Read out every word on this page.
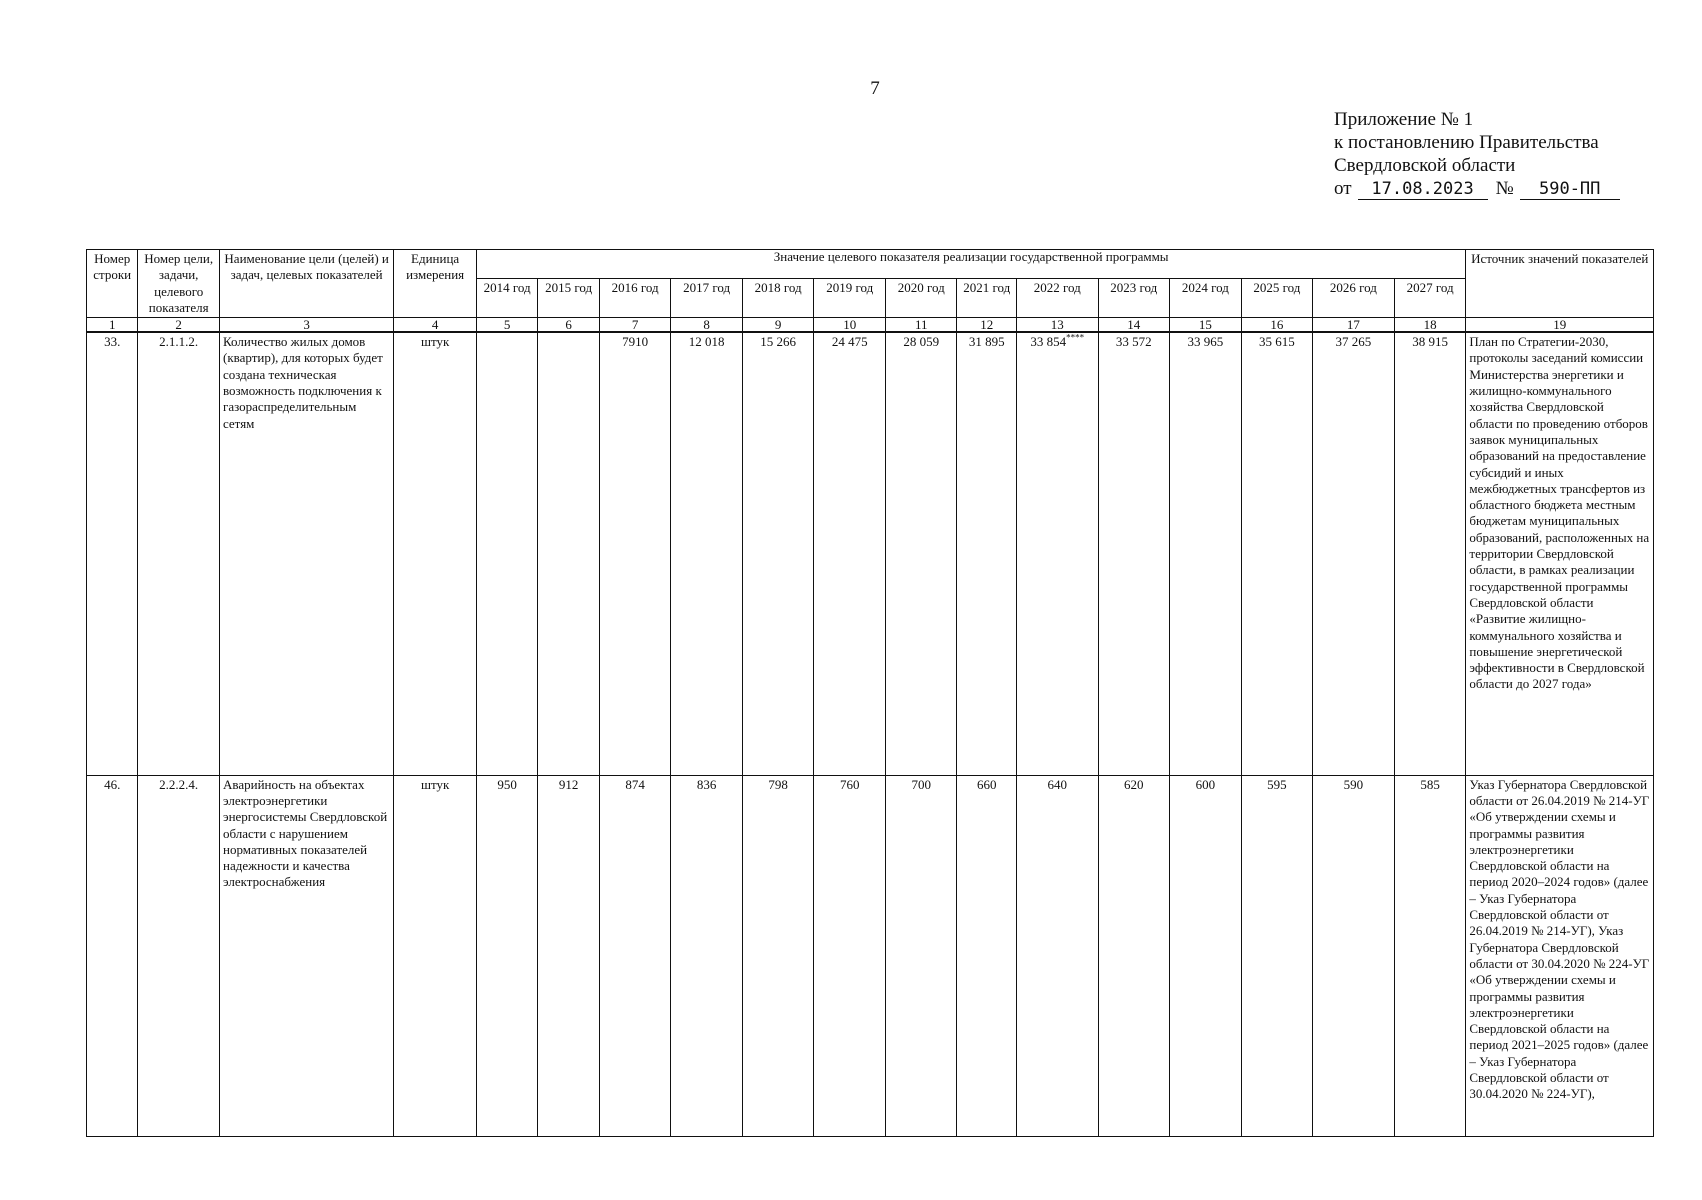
7
Приложение № 1
к постановлению Правительства
Свердловской области
от 17.08.2023 № 590-ПП
Номер строки	Номер цели, задачи, целевого показателя	Наименование цели (целей) и задач, целевых показателей	Единица измерения	Значение целевого показателя реализации государственной программы														Источник значений показателей
				2014 год	2015 год	2016 год	2017 год	2018 год	2019 год	2020 год	2021 год	2022 год	2023 год	2024 год	2025 год	2026 год	2027 год	
1	2	3	4	5	6	7	8	9	10	11	12	13	14	15	16	17	18	19
33.	2.1.1.2.	Количество жилых домов (квартир), для которых будет создана техническая возможность подключения к газораспределительным сетям	штук			7910	12 018	15 266	24 475	28 059	31 895	33 854****	33 572	33 965	35 615	37 265	38 915	План по Стратегии-2030, протоколы заседаний комиссии Министерства энергетики и жилищно-коммунального хозяйства Свердловской области по проведению отборов заявок муниципальных образований на предоставление субсидий и иных межбюджетных трансфертов из областного бюджета местным бюджетам муниципальных образований, расположенных на территории Свердловской области, в рамках реализации государственной программы Свердловской области «Развитие жилищно-коммунального хозяйства и повышение энергетической эффективности в Свердловской области до 2027 года»
46.	2.2.2.4.	Аварийность на объектах электроэнергетики энергосистемы Свердловской области с нарушением нормативных показателей надежности и качества электроснабжения	штук	950	912	874	836	798	760	700	660	640	620	600	595	590	585	Указ Губернатора Свердловской области от 26.04.2019 № 214-УГ «Об утверждении схемы и программы развития электроэнергетики Свердловской области на период 2020–2024 годов» (далее – Указ Губернатора Свердловской области от 26.04.2019 № 214-УГ), Указ Губернатора Свердловской области от 30.04.2020 № 224-УГ «Об утверждении схемы и программы развития электроэнергетики Свердловской области на период 2021–2025 годов» (далее – Указ Губернатора Свердловской области от 30.04.2020 № 224-УГ),
